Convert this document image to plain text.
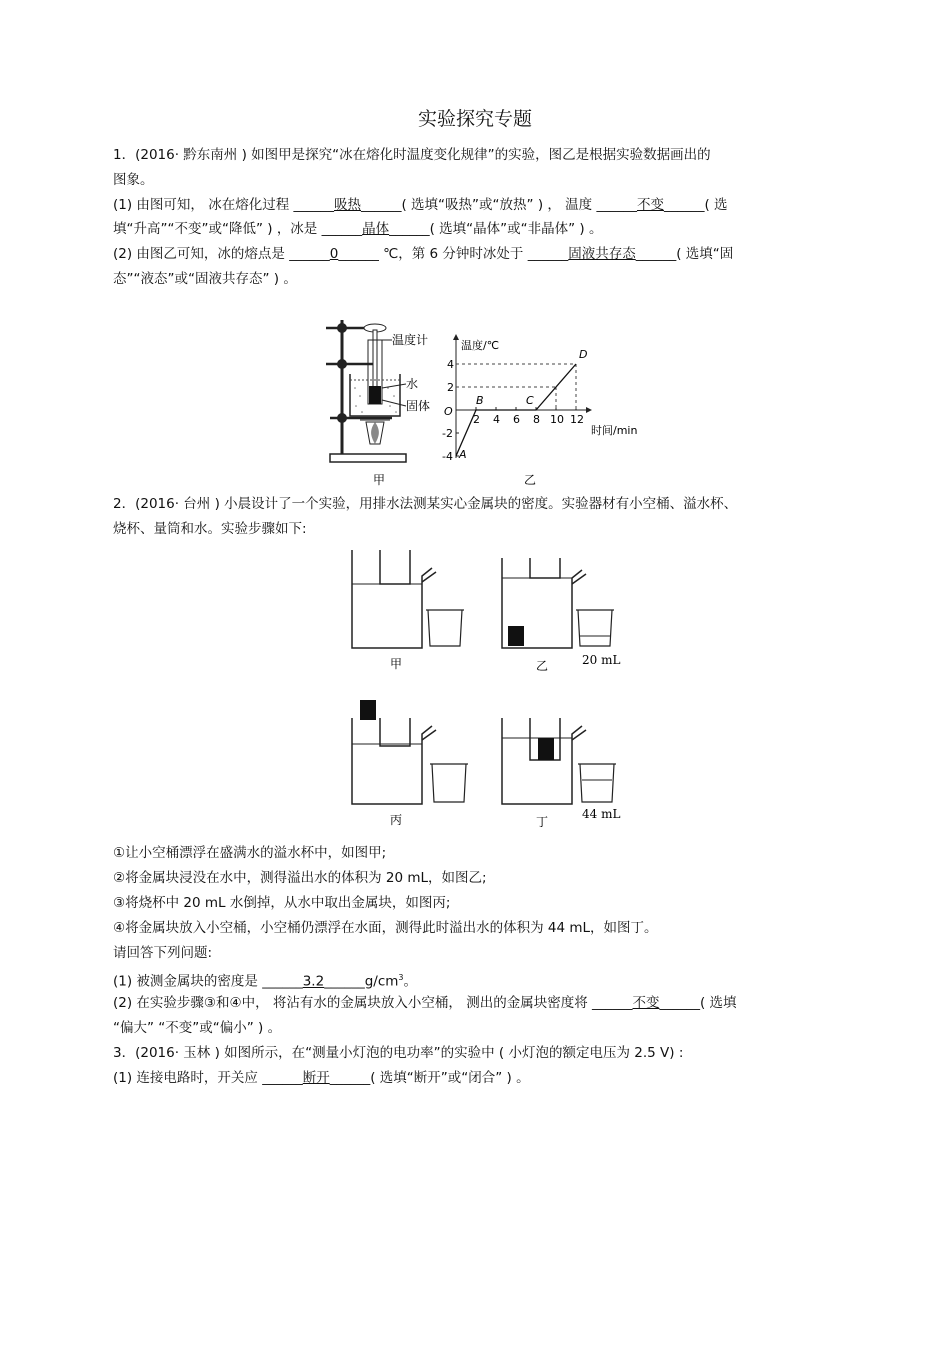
实验探究专题
1．(2016· 黔东南州 ) 如图甲是探究“冰在熔化时温度变化规律”的实验，图乙是根据实验数据画出的
图象。
(1) 由图可知， 冰在熔化过程 ______吸热______( 选填“吸热”或“放热” ) ， 温度 ______不变______( 选
填“升高”“不变”或“降低” ) ，冰是 ______晶体______( 选填“晶体”或“非晶体” ) 。
(2) 由图乙可知，冰的熔点是 ______0______ ℃，第 6 分钟时冰处于 ______固液共存态______( 选填“固
态”“液态”或“固液共存态” ) 。
温度计
水
固体
甲
温度/℃
时间/min
O
2 4 6 8 10 12
-4
-2
2
4
A
B	C
D
乙
2．(2016· 台州 ) 小晨设计了一个实验，用排水法测某实心金属块的密度。实验器材有小空桶、溢水杯、
烧杯、量筒和水。实验步骤如下:
甲	乙	20 mL
丙	丁
44 mL
①让小空桶漂浮在盛满水的溢水杯中，如图甲;
②将金属块浸没在水中，测得溢出水的体积为 20 mL，如图乙;
③将烧杯中 20 mL 水倒掉，从水中取出金属块，如图丙;
④将金属块放入小空桶，小空桶仍漂浮在水面，测得此时溢出水的体积为 44 mL，如图丁。
请回答下列问题:
(1) 被测金属块的密度是 $\_\_\_\_\_\_3.2\_\_\_\_\_\_g/cm^3$。
(2) 在实验步骤③和④中， 将沾有水的金属块放入小空桶， 测出的金属块密度将 ______不变______( 选填
“偏大” “不变”或“偏小” ) 。
3．(2016· 玉林 ) 如图所示，在“测量小灯泡的电功率”的实验中 ( 小灯泡的额定电压为 2.5 V) :
(1) 连接电路时，开关应 ______断开______( 选填“断开”或“闭合” ) 。
